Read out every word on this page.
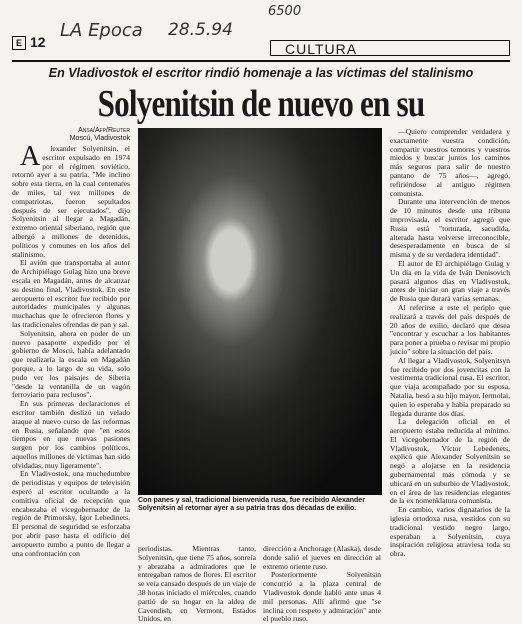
6500
LA Epoca 28.5.94
E 12	CULTURA
En Vladivostok el escritor rindió homenaje a las víctimas del stalinismo
Solyenitsin de nuevo en su
Ansa/Afp/Reuter
Moscú, Vladivostok

Alexander Solyenitsin, el escritor expulsado en 1974 por el régimen soviético, retornó ayer a su patria. "Me inclino sobre esta tierra, en la cual centenares de miles, tal vez millones de compatriotas, fueron sepultados después de ser ejecutados", dijo Solyenitsin al llegar a Magadán, extremo oriental siberiano, región que albergó a millones de detenidos, políticos y comunes en los años del stalinismo.

El avión que transportaba al autor de Archipiélago Gulag hizo una breve escala en Magadán, antes de alcanzar su destino final, Vladivostok. En este aeropuerto el escritor fue recibido por autoridades municipales y algunas muchachas que le ofrecieron flores y las tradicionales ofrendas de pan y sal.

Solyenitsin, ahora en poder de un nuevo pasaporte expedido por el gobierno de Moscú, había adelantado que realizaría la escala en Magadán porque, a lo largo de su vida, solo pudo ver los paisajes de Siberia "desde la ventanilla de un vagón ferroviario para reclusos".

En sus primeras declaraciones el escritor también deslizó un velado ataque al nuevo curso de las reformas en Rusia, señalando que "en estos tiempos en que nuevas pasiones surgen por los cambios políticos, aquellos millones de víctimas han sido olvidadas, muy ligeramente".

En Vladivostok, una muchedumbre de periodistas y equipos de televisión esperó al escritor ocultando a la comitiva oficial de recepción que encabezaba el vicegobernador de la región de Primorsky, Igor Lebedinets. El personal de seguridad se esforzaba por abrir paso hasta el edificio del aeropuerto rumbo a punto de llegar a una confrontación con

Con panes y sal, tradicional bienvenida rusa, fue recibido Alexander Solyenitsin al retornar ayer a su patria tras dos décadas de exilio.

periodistas. Mientras tanto, Solyenitsin, que tiene 75 años, sonreía y abrazaba a admiradores que le entregaban ramos de flores. El escritor se veía cansado después de un viaje de 38 horas iniciado el miércoles, cuando partió de su hogar en la aldea de Cavendish, en Vermont, Estados Unidos, en

dirección a Anchorage (Alaska), desde donde salió el jueves en dirección al extremo oriente ruso.

Posteriormente Solyenitsin concurrió a la plaza central de Vladivostok donde habló ante unas 4 mil personas. Allí afirmó que "se inclina con respeto y admiración" ante el pueblo ruso.

—Quiero comprender verdadera y exactamente vuestra condición, compartir vuestros temores y vuestros miedos y buscar juntos los caminos más seguros para salir de nuestro pantano de 75 años—, agregó, refiriéndose al antiguo régimen comunista.

Durante una intervención de menos de 10 minutos desde una tribuna improvisada, el escritor agregó que Rusia está "torturada, sacudida, alterada hasta volverse irreconocible, desesperadamente en busca de sí misma y de su verdadera identidad".

El autor de El archipiélago Gulag y Un día en la vida de Iván Denisovich pasará algunos días en Vladivostok, antes de iniciar un gran viaje a través de Rusia que durará varias semanas.

Al referirse a este el periplo que realizará a través del país después de 20 años de exilio, declaró que desea "encontrar y escuchar a los habitantes para poner a prueba o revisar mi propio juicio" sobre la situación del país.

Al llegar a Vladivostok, Solyenitsyn fue recibido por dos jovencitas con la vestimenta tradicional rusa. El escritor, que viaja acompañado por su esposa, Natalia, besó a su hijo mayor, Iermolai, quien lo esperaba y había preparado su llegada durante dos días.

La delegación oficial en el aeropuerto estaba reducida al mínimo. El vicegobernador de la región de Vladivostok, Víctor Lebedenets, explicó que Alexander Solyenitsin se negó a alojarse en la residencia gubernamental más cómoda y se ubicará en un suburbio de Vladivostok, en el área de las residencias elegantes de la ex nomenklatura comunista.

En cambio, varios dignatarios de la iglesia ortodoxa rusa, vestidos con su tradicional vestido negro largo, esperaban a Solyenitsin, cuya inspiración religiosa atraviesa toda su obra.
